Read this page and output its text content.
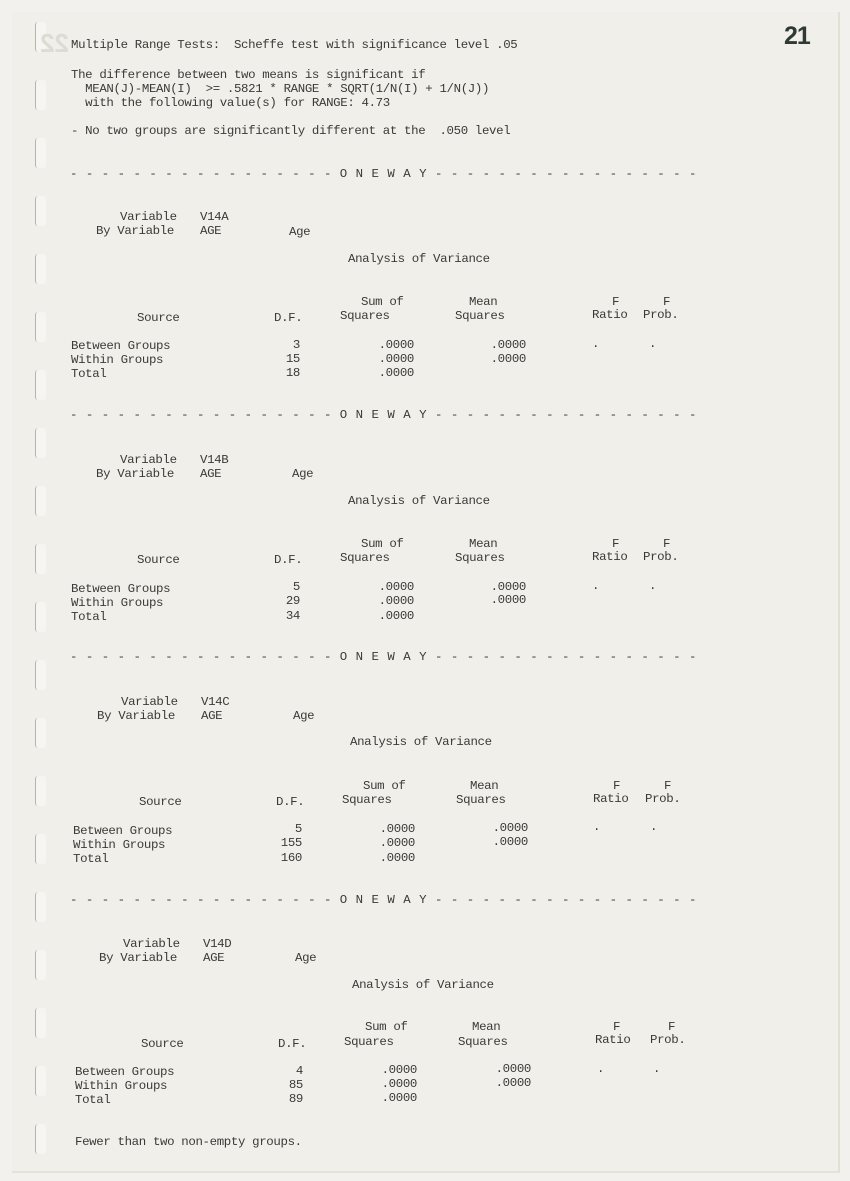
22	21
Multiple Range Tests:  Scheffe test with significance level .05
The difference between two means is significant if
MEAN(J)-MEAN(I)  >= .5821 * RANGE * SQRT(1/N(I) + 1/N(J))
with the following value(s) for RANGE: 4.73
- No two groups are significantly different at the  .050 level
- - - - - - - - - - - - - - - - - O N E W A Y - - - - - - - - - - - - - - - - -
Variable V14A
By Variable AGE	Age
Analysis of Variance
Sum of	Mean	F	F
Source	D.F.	Squares	Squares	Ratio Prob.
Between Groups	3	.0000	.0000	.	.
Within Groups	15	.0000	.0000
Total	18	.0000
- - - - - - - - - - - - - - - - - O N E W A Y - - - - - - - - - - - - - - - - -
Variable V14B
By Variable AGE	Age
Analysis of Variance
Sum of	Mean	F	F
Source	D.F.	Squares	Squares	Ratio Prob.
Between Groups	5	.0000	.0000	.	.
Within Groups	29	.0000	.0000
Total	34	.0000
- - - - - - - - - - - - - - - - - O N E W A Y - - - - - - - - - - - - - - - - -
Variable V14C
By Variable AGE	Age
Analysis of Variance
Sum of	Mean	F	F
Source	D.F.	Squares	Squares	Ratio Prob.
Between Groups	5	.0000	.0000	.	.
Within Groups	155	.0000	.0000
Total	160	.0000
- - - - - - - - - - - - - - - - - O N E W A Y - - - - - - - - - - - - - - - - -
Variable V14D
By Variable AGE	Age
Analysis of Variance
Sum of	Mean	F	F
Source	D.F.	Squares	Squares	Ratio Prob.
Between Groups	4	.0000	.0000	.	.
Within Groups	85	.0000	.0000
Total	89	.0000
Fewer than two non-empty groups.
